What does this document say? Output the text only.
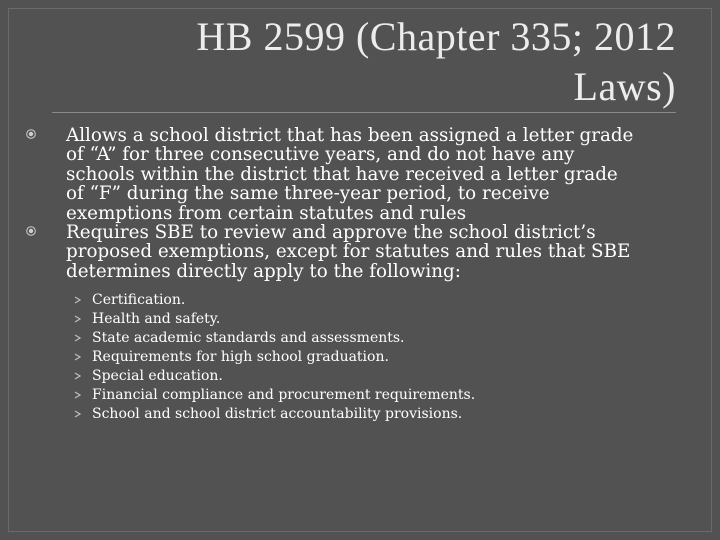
HB 2599 (Chapter 335; 2012
Laws)
Allows a school district that has been assigned a letter grade
of “A” for three consecutive years, and do not have any
schools within the district that have received a letter grade
of “F” during the same three-year period, to receive
exemptions from certain statutes and rules
Requires SBE to review and approve the school district’s
proposed exemptions, except for statutes and rules that SBE
determines directly apply to the following:
Certification.
Health and safety.
State academic standards and assessments.
Requirements for high school graduation.
Special education.
Financial compliance and procurement requirements.
School and school district accountability provisions.
